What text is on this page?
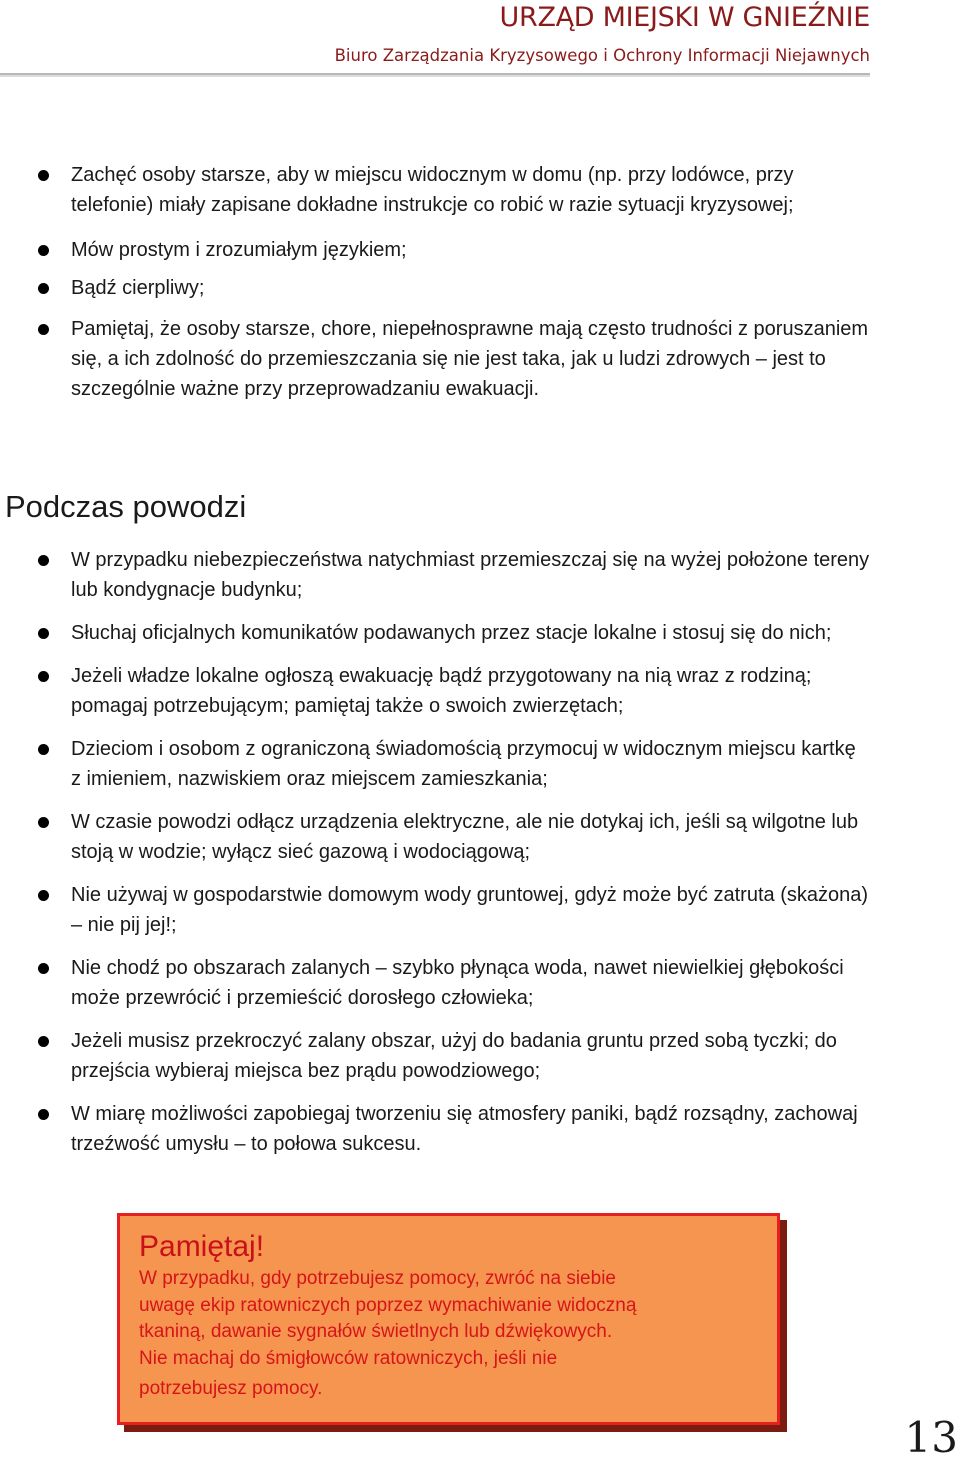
URZĄD MIEJSKI W GNIEŹNIE
Biuro Zarządzania Kryzysowego i Ochrony Informacji Niejawnych
Zachęć osoby starsze, aby w miejscu widocznym w domu (np. przy lodówce, przy telefonie) miały zapisane dokładne instrukcje co robić w razie sytuacji kryzysowej;
Mów prostym i zrozumiałym językiem;
Bądź cierpliwy;
Pamiętaj, że osoby starsze, chore, niepełnosprawne mają często trudności z poruszaniem się, a ich zdolność do przemieszczania się nie jest taka, jak u ludzi zdrowych – jest to szczególnie ważne przy przeprowadzaniu ewakuacji.
Podczas powodzi
W przypadku niebezpieczeństwa natychmiast przemieszczaj się na wyżej położone tereny lub kondygnacje budynku;
Słuchaj oficjalnych komunikatów podawanych przez stacje lokalne i stosuj się do nich;
Jeżeli władze lokalne ogłoszą ewakuację bądź przygotowany na nią wraz z rodziną; pomagaj potrzebującym; pamiętaj także o swoich zwierzętach;
Dzieciom i osobom z ograniczoną świadomością przymocuj w widocznym miejscu kartkę z imieniem, nazwiskiem oraz miejscem zamieszkania;
W czasie powodzi odłącz urządzenia elektryczne, ale nie dotykaj ich, jeśli są wilgotne lub stoją w wodzie; wyłącz sieć gazową i wodociągową;
Nie używaj w gospodarstwie domowym wody gruntowej, gdyż może być zatruta (skażona) – nie pij jej!;
Nie chodź po obszarach zalanych – szybko płynąca woda, nawet niewielkiej głębokości może przewrócić i przemieścić dorosłego człowieka;
Jeżeli musisz przekroczyć zalany obszar, użyj do badania gruntu przed sobą tyczki; do przejścia wybieraj miejsca bez prądu powodziowego;
W miarę możliwości zapobiegaj tworzeniu się atmosfery paniki, bądź rozsądny, zachowaj trzeźwość umysłu – to połowa sukcesu.
Pamiętaj!
W przypadku, gdy potrzebujesz pomocy, zwróć na siebie
uwagę ekip ratowniczych poprzez wymachiwanie widoczną
tkaniną, dawanie sygnałów świetlnych lub dźwiękowych.
Nie machaj do śmigłowców ratowniczych, jeśli nie
potrzebujesz pomocy.
13
